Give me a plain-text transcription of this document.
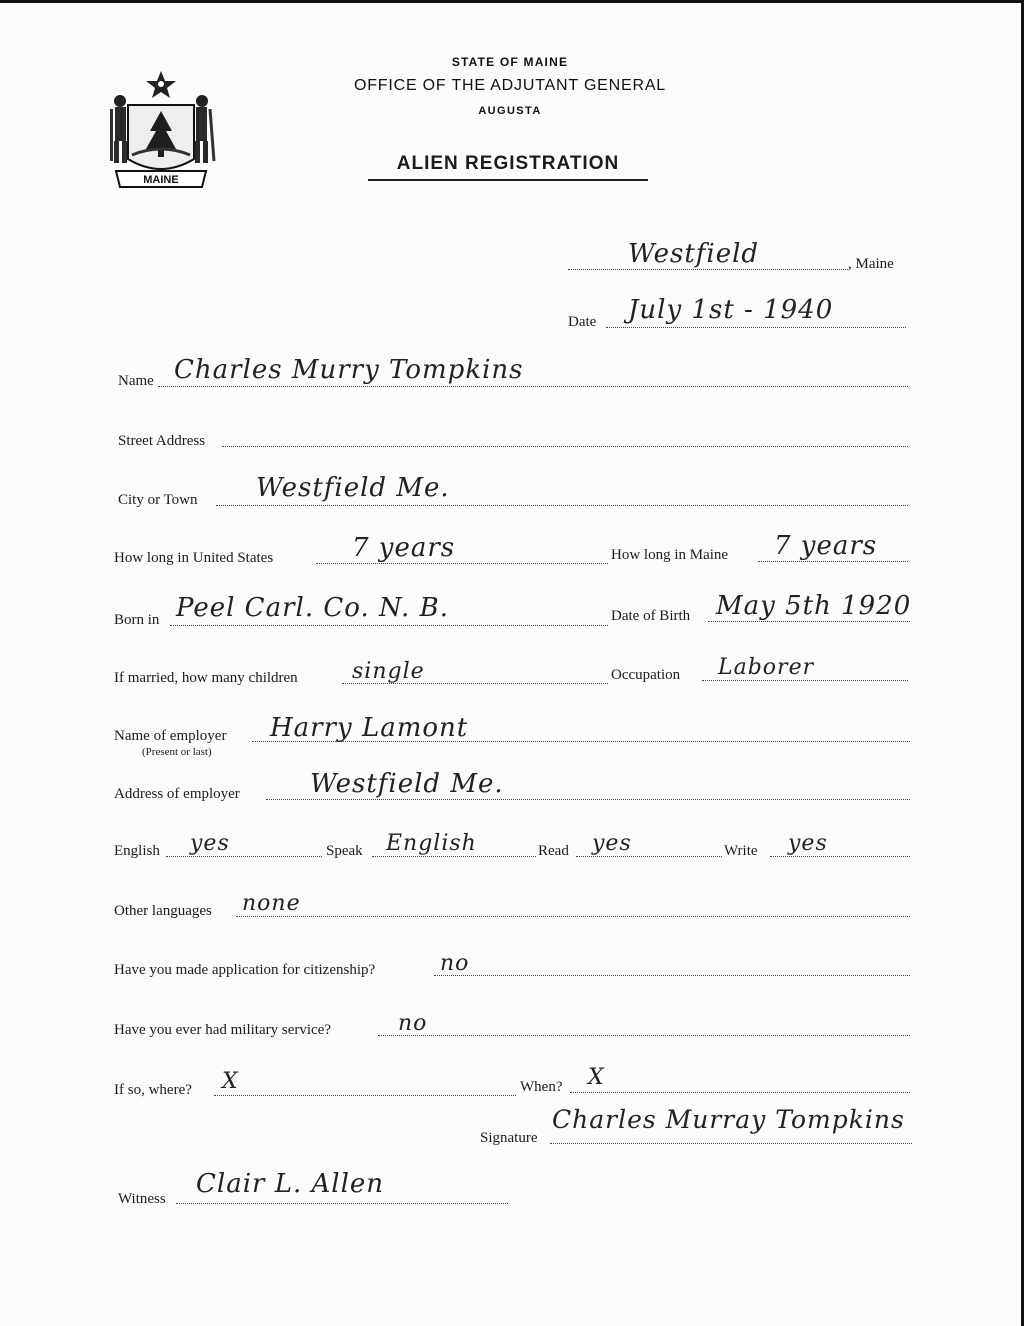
MAINE
STATE OF MAINE
OFFICE OF THE ADJUTANT GENERAL
AUGUSTA
ALIEN REGISTRATION
Westfield	, Maine
Date July 1st - 1940
Name Charles Murry Tompkins
Street Address
City or Town Westfield Me.
How long in United States	7 years	How long in Maine 7 years
Born in Peel Carl. Co. N. B.	Date of Birth May 5th 1920
If married, how many children single	Occupation Laborer
Name of employer
(Present or last)
Harry Lamont
Address of employer	Westfield Me.
English yes	Speak English	Read yes	Write yes
Other languages none
Have you made application for citizenship?	no
Have you ever had military service?	no
If so, where? X	When? X
Signature
Charles Murray Tompkins
Witness Clair L. Allen
